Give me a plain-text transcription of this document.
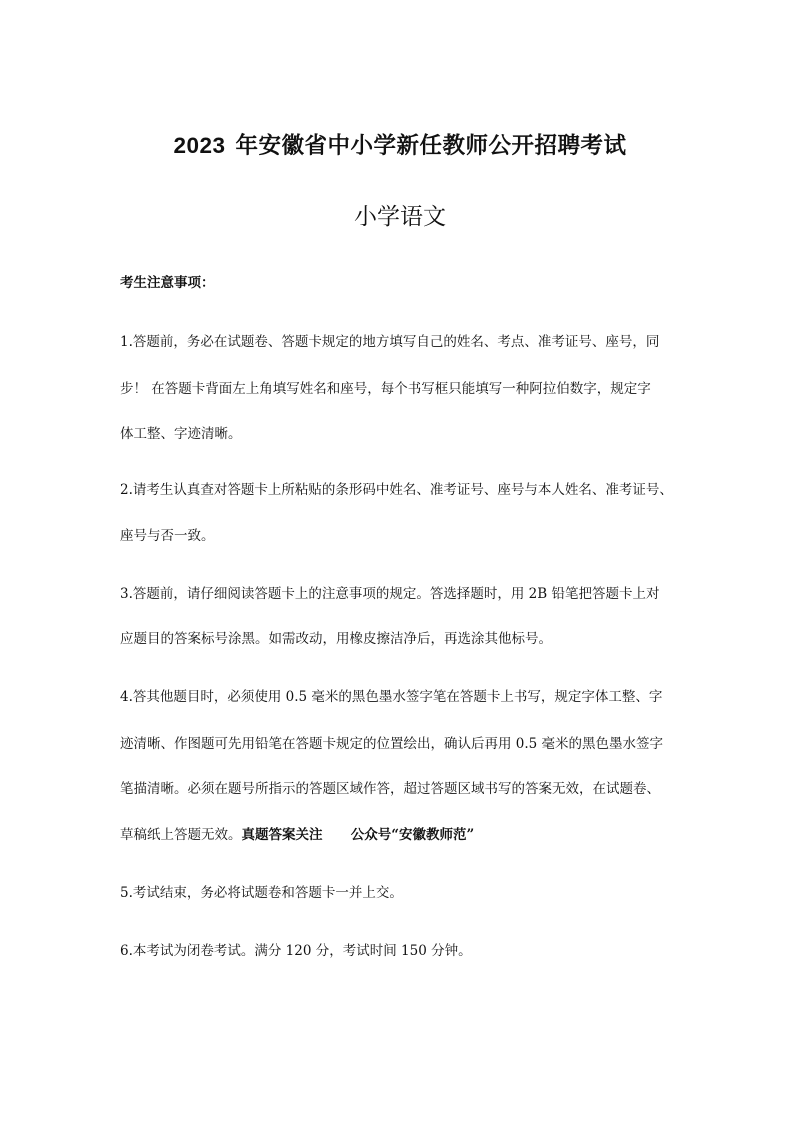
2023 年安徽省中小学新任教师公开招聘考试
小学语文
考生注意事项：
1.答题前，务必在试题卷、答题卡规定的地方填写自己的姓名、考点、准考证号、座号，同
步！ 在答题卡背面左上角填写姓名和座号，每个书写框只能填写一种阿拉伯数字，规定字
体工整、字迹清晰。
2.请考生认真查对答题卡上所粘贴的条形码中姓名、准考证号、座号与本人姓名、准考证号、
座号与否一致。
3.答题前，请仔细阅读答题卡上的注意事项的规定。答选择题时，用 2B 铅笔把答题卡上对
应题目的答案标号涂黑。如需改动，用橡皮擦洁净后，再选涂其他标号。
4.答其他题目时，必须使用 0.5 毫米的黑色墨水签字笔在答题卡上书写，规定字体工整、字
迹清晰、作图题可先用铅笔在答题卡规定的位置绘出，确认后再用 0.5 毫米的黑色墨水签字
笔描清晰。必须在题号所指示的答题区域作答，超过答题区域书写的答案无效，在试题卷、
草稿纸上答题无效。真题答案关注      公众号“安徽教师范”
5.考试结束，务必将试题卷和答题卡一并上交。
6.本考试为闭卷考试。满分 120 分，考试时间 150 分钟。
